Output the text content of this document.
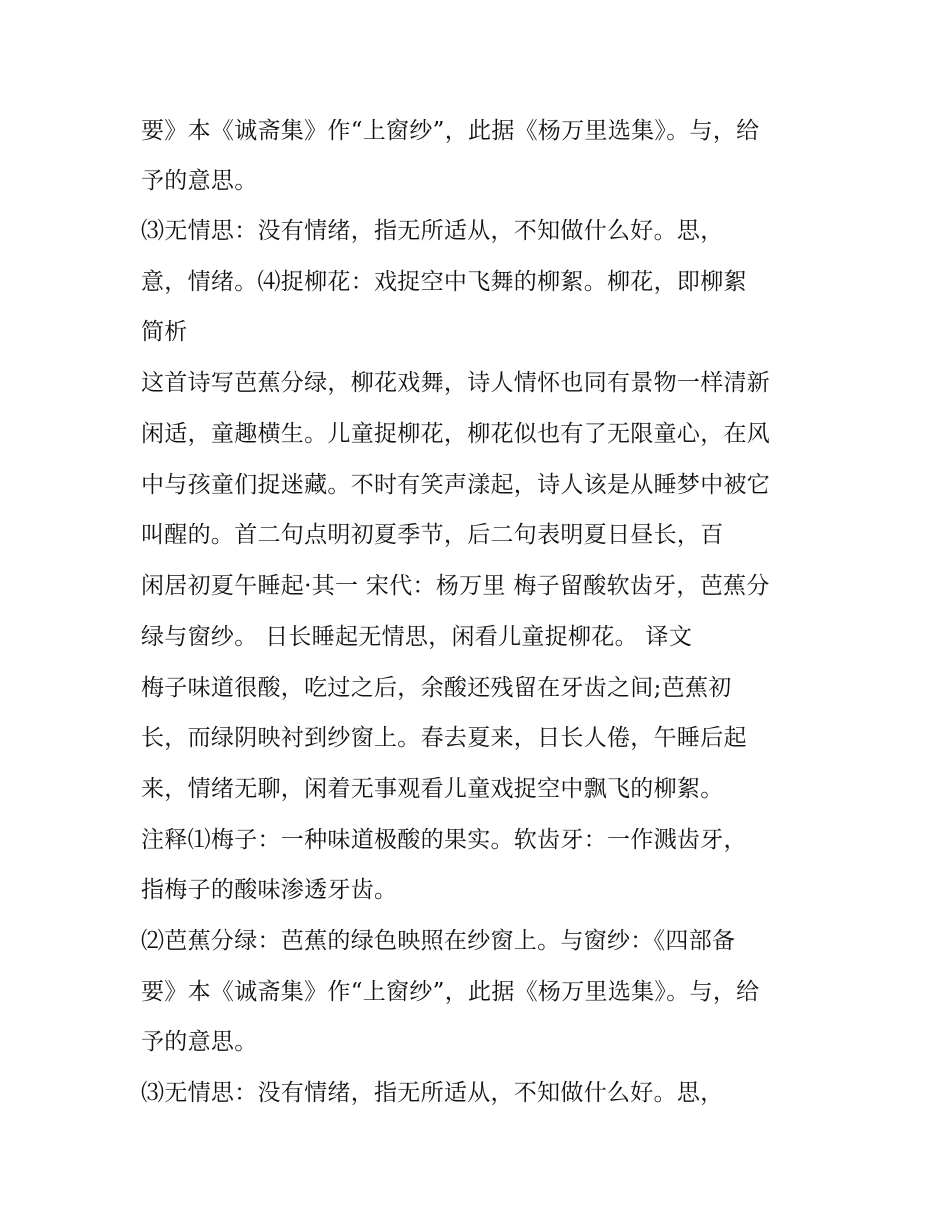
要》本《诚斋集》作“上窗纱”，此据《杨万里选集》。与，给
予的意思。
⑶无情思：没有情绪，指无所适从，不知做什么好。思，
意，情绪。⑷捉柳花：戏捉空中飞舞的柳絮。柳花，即柳絮
简析
这首诗写芭蕉分绿，柳花戏舞，诗人情怀也同有景物一样清新
闲适，童趣横生。儿童捉柳花，柳花似也有了无限童心，在风
中与孩童们捉迷藏。不时有笑声漾起，诗人该是从睡梦中被它
叫醒的。首二句点明初夏季节，后二句表明夏日昼长，百
闲居初夏午睡起·其一 宋代：杨万里 梅子留酸软齿牙，芭蕉分
绿与窗纱。 日长睡起无情思，闲看儿童捉柳花。 译文
梅子味道很酸，吃过之后，余酸还残留在牙齿之间;芭蕉初
长，而绿阴映衬到纱窗上。春去夏来，日长人倦，午睡后起
来，情绪无聊，闲着无事观看儿童戏捉空中飘飞的柳絮。
注释⑴梅子：一种味道极酸的果实。软齿牙：一作溅齿牙，
指梅子的酸味渗透牙齿。
⑵芭蕉分绿：芭蕉的绿色映照在纱窗上。与窗纱：《四部备
要》本《诚斋集》作“上窗纱”，此据《杨万里选集》。与，给
予的意思。
⑶无情思：没有情绪，指无所适从，不知做什么好。思，
